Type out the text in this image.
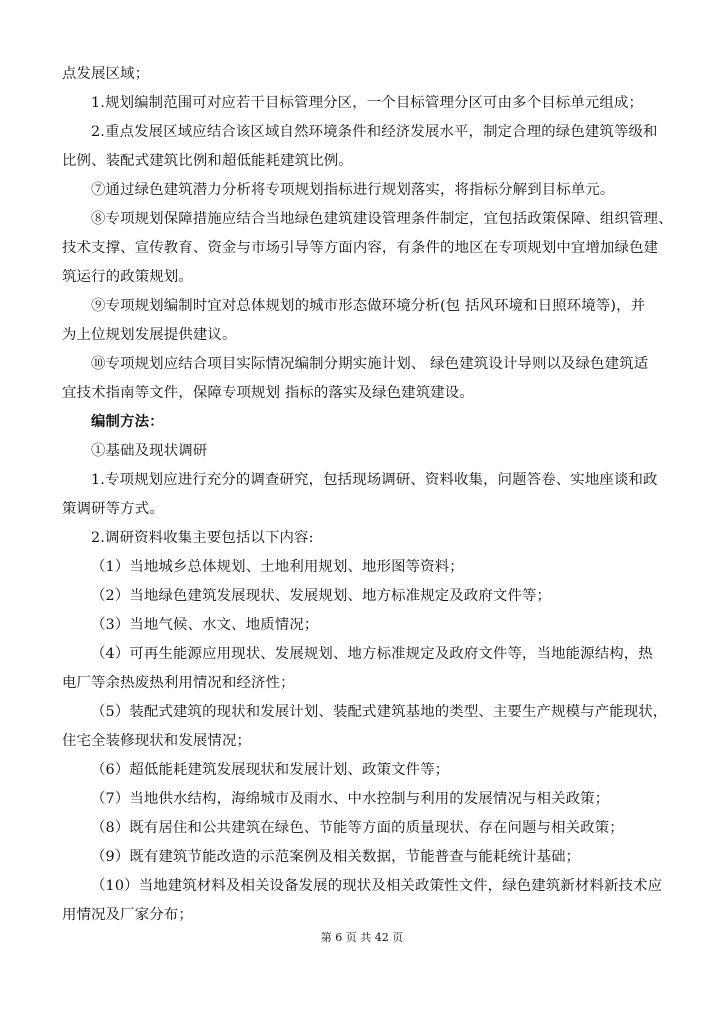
点发展区域；
1.规划编制范围可对应若干目标管理分区，一个目标管理分区可由多个目标单元组成；
2.重点发展区域应结合该区域自然环境条件和经济发展水平，制定合理的绿色建筑等级和
比例、装配式建筑比例和超低能耗建筑比例。
⑦通过绿色建筑潜力分析将专项规划指标进行规划落实，将指标分解到目标单元。
⑧专项规划保障措施应结合当地绿色建筑建设管理条件制定，宜包括政策保障、组织管理、
技术支撑、宣传教育、资金与市场引导等方面内容，有条件的地区在专项规划中宜增加绿色建
筑运行的政策规划。
⑨专项规划编制时宜对总体规划的城市形态做环境分析(包 括风环境和日照环境等)，并
为上位规划发展提供建议。
⑩专项规划应结合项目实际情况编制分期实施计划、 绿色建筑设计导则以及绿色建筑适
宜技术指南等文件，保障专项规划 指标的落实及绿色建筑建设。
编制方法：
①基础及现状调研
1.专项规划应进行充分的调查研究，包括现场调研、资料收集，问题答卷、实地座谈和政
策调研等方式。
2.调研资料收集主要包括以下内容:
（1）当地城乡总体规划、土地利用规划、地形图等资料；
（2）当地绿色建筑发展现状、发展规划、地方标准规定及政府文件等；
（3）当地气候、水文、地质情况；
（4）可再生能源应用现状、发展规划、地方标准规定及政府文件等，当地能源结构，热
电厂等余热废热利用情况和经济性；
（5）装配式建筑的现状和发展计划、装配式建筑基地的类型、主要生产规模与产能现状，
住宅全装修现状和发展情况；
（6）超低能耗建筑发展现状和发展计划、政策文件等；
（7）当地供水结构，海绵城市及雨水、中水控制与利用的发展情况与相关政策；
（8）既有居住和公共建筑在绿色、节能等方面的质量现状、存在问题与相关政策；
（9）既有建筑节能改造的示范案例及相关数据，节能普查与能耗统计基础；
（10）当地建筑材料及相关设备发展的现状及相关政策性文件，绿色建筑新材料新技术应
用情况及厂家分布；
第 6 页 共 42 页
